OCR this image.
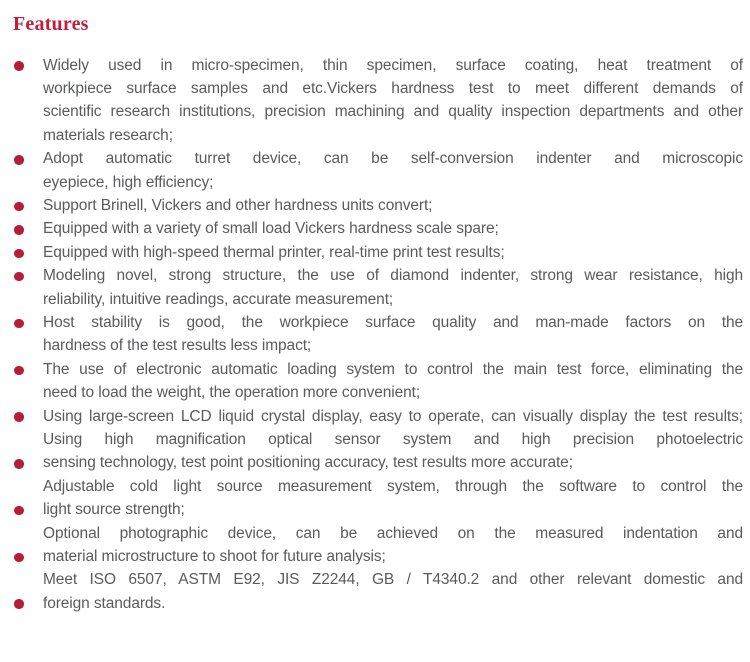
Features
Widely used in micro-specimen, thin specimen, surface coating, heat treatment of
workpiece surface samples and etc.Vickers hardness test to meet different demands of
scientific research institutions, precision machining and quality inspection departments and other
materials research;
Adopt automatic turret device, can be self-conversion indenter and microscopic
eyepiece, high efficiency;
Support Brinell, Vickers and other hardness units convert;
Equipped with a variety of small load Vickers hardness scale spare;
Equipped with high-speed thermal printer, real-time print test results;
Modeling novel, strong structure, the use of diamond indenter, strong wear resistance, high
reliability, intuitive readings, accurate measurement;
Host stability is good, the workpiece surface quality and man-made factors on the
hardness of the test results less impact;
The use of electronic automatic loading system to control the main test force, eliminating the
need to load the weight, the operation more convenient;
Using large-screen LCD liquid crystal display, easy to operate, can visually display the test results;
Using high magnification optical sensor system and high precision photoelectric
sensing technology, test point positioning accuracy, test results more accurate;
Adjustable cold light source measurement system, through the software to control the
light source strength;
Optional photographic device, can be achieved on the measured indentation and
material microstructure to shoot for future analysis;
Meet ISO 6507, ASTM E92, JIS Z2244, GB / T4340.2 and other relevant domestic and
foreign standards.
